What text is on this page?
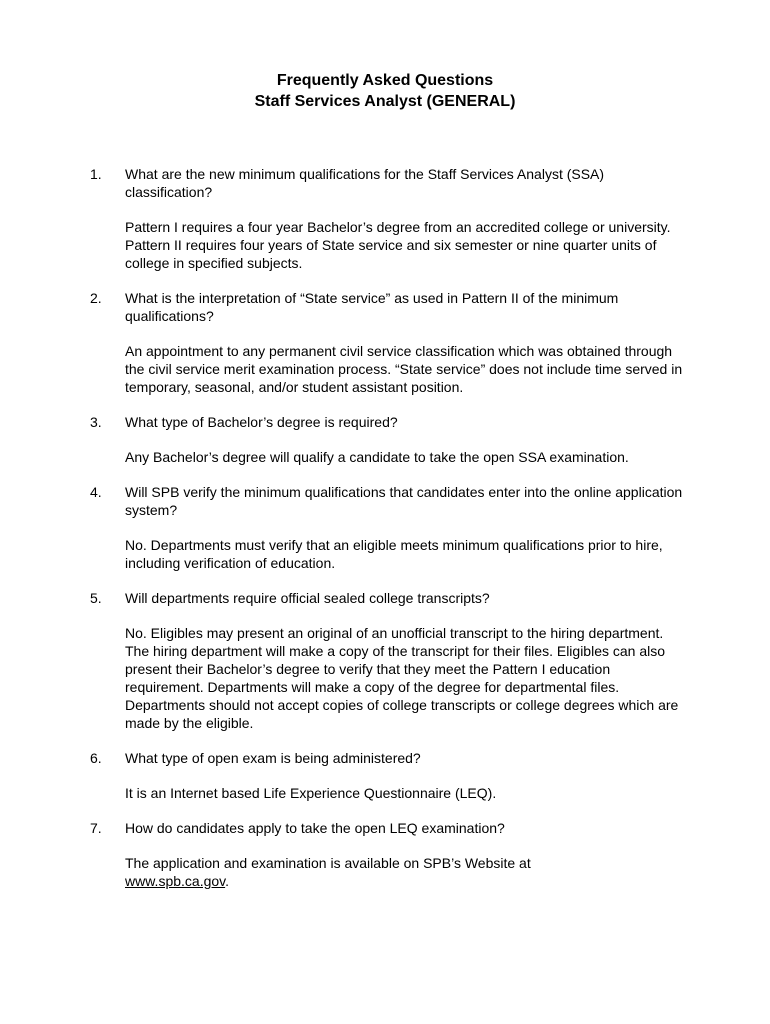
Frequently Asked Questions
Staff Services Analyst (GENERAL)
1. What are the new minimum qualifications for the Staff Services Analyst (SSA) classification?

Pattern I requires a four year Bachelor’s degree from an accredited college or university. Pattern II requires four years of State service and six semester or nine quarter units of college in specified subjects.

2. What is the interpretation of “State service” as used in Pattern II of the minimum qualifications?

An appointment to any permanent civil service classification which was obtained through the civil service merit examination process. “State service” does not include time served in temporary, seasonal, and/or student assistant position.

3. What type of Bachelor’s degree is required?

Any Bachelor’s degree will qualify a candidate to take the open SSA examination.

4. Will SPB verify the minimum qualifications that candidates enter into the online application system?

No. Departments must verify that an eligible meets minimum qualifications prior to hire, including verification of education.

5. Will departments require official sealed college transcripts?

No. Eligibles may present an original of an unofficial transcript to the hiring department. The hiring department will make a copy of the transcript for their files. Eligibles can also present their Bachelor’s degree to verify that they meet the Pattern I education requirement. Departments will make a copy of the degree for departmental files. Departments should not accept copies of college transcripts or college degrees which are made by the eligible.

6. What type of open exam is being administered?

It is an Internet based Life Experience Questionnaire (LEQ).

7. How do candidates apply to take the open LEQ examination?

The application and examination is available on SPB’s Website at
www.spb.ca.gov.
